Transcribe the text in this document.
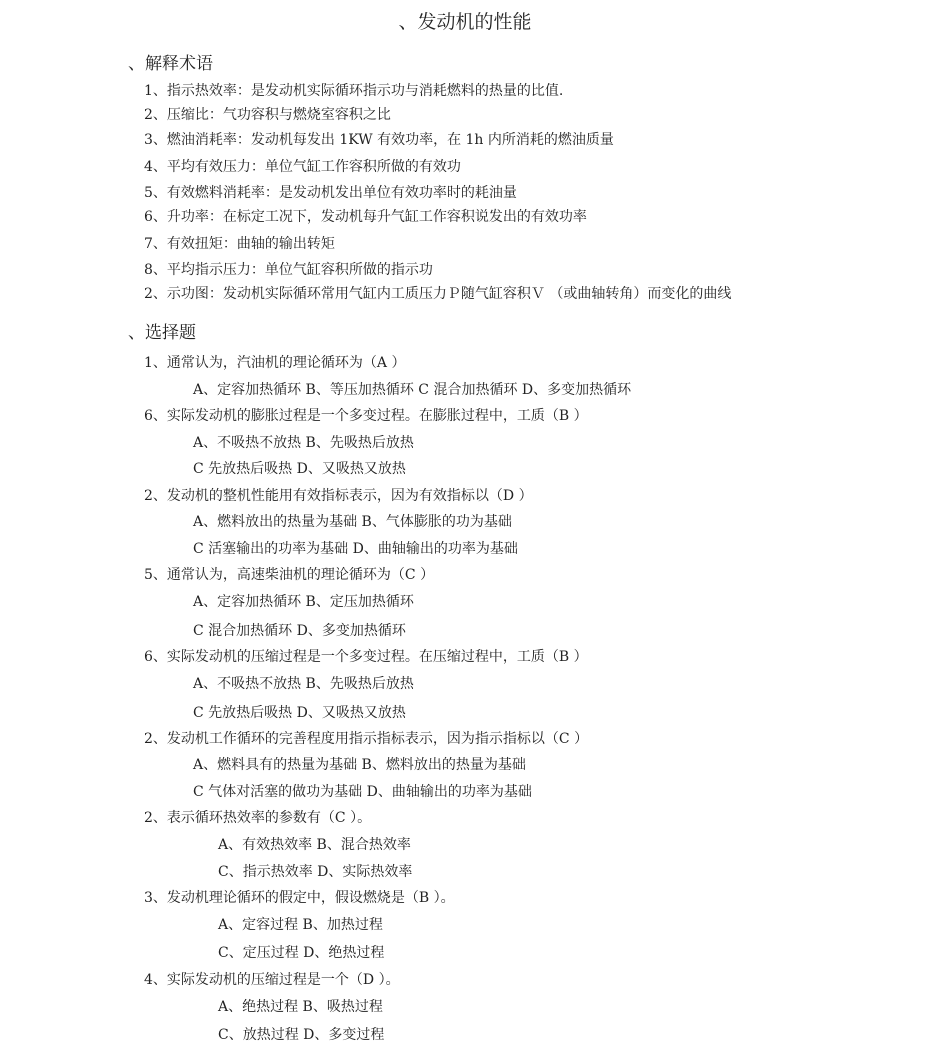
、发动机的性能
、解释术语
1、指示热效率：是发动机实际循环指示功与消耗燃料的热量的比值.
2、压缩比：气功容积与燃烧室容积之比
3、燃油消耗率：发动机每发出 1KW 有效功率，在 1h 内所消耗的燃油质量
4、平均有效压力：单位气缸工作容积所做的有效功
5、有效燃料消耗率：是发动机发出单位有效功率时的耗油量
6、升功率：在标定工况下，发动机每升气缸工作容积说发出的有效功率
7、有效扭矩：曲轴的输出转矩
8、平均指示压力：单位气缸容积所做的指示功
2、示功图：发动机实际循环常用气缸内工质压力Ｐ随气缸容积Ｖ （或曲轴转角）而变化的曲线
、选择题
1、通常认为，汽油机的理论循环为（A ）
A、定容加热循环 B、等压加热循环 C 混合加热循环 D、多变加热循环
6、实际发动机的膨胀过程是一个多变过程。在膨胀过程中，工质（B ）
A、不吸热不放热 B、先吸热后放热
C 先放热后吸热 D、又吸热又放热
2、发动机的整机性能用有效指标表示，因为有效指标以（D ）
A、燃料放出的热量为基础 B、气体膨胀的功为基础
C 活塞输出的功率为基础 D、曲轴输出的功率为基础
5、通常认为，高速柴油机的理论循环为（C ）
A、定容加热循环 B、定压加热循环
C 混合加热循环 D、多变加热循环
6、实际发动机的压缩过程是一个多变过程。在压缩过程中，工质（B ）
A、不吸热不放热 B、先吸热后放热
C 先放热后吸热 D、又吸热又放热
2、发动机工作循环的完善程度用指示指标表示，因为指示指标以（C ）
A、燃料具有的热量为基础 B、燃料放出的热量为基础
C 气体对活塞的做功为基础 D、曲轴输出的功率为基础
2、表示循环热效率的参数有（C ）。
A、有效热效率 B、混合热效率
C、指示热效率 D、实际热效率
3、发动机理论循环的假定中，假设燃烧是（B ）。
A、定容过程 B、加热过程
C、定压过程 D、绝热过程
4、实际发动机的压缩过程是一个（D ）。
A、绝热过程 B、吸热过程
C、放热过程 D、多变过程
